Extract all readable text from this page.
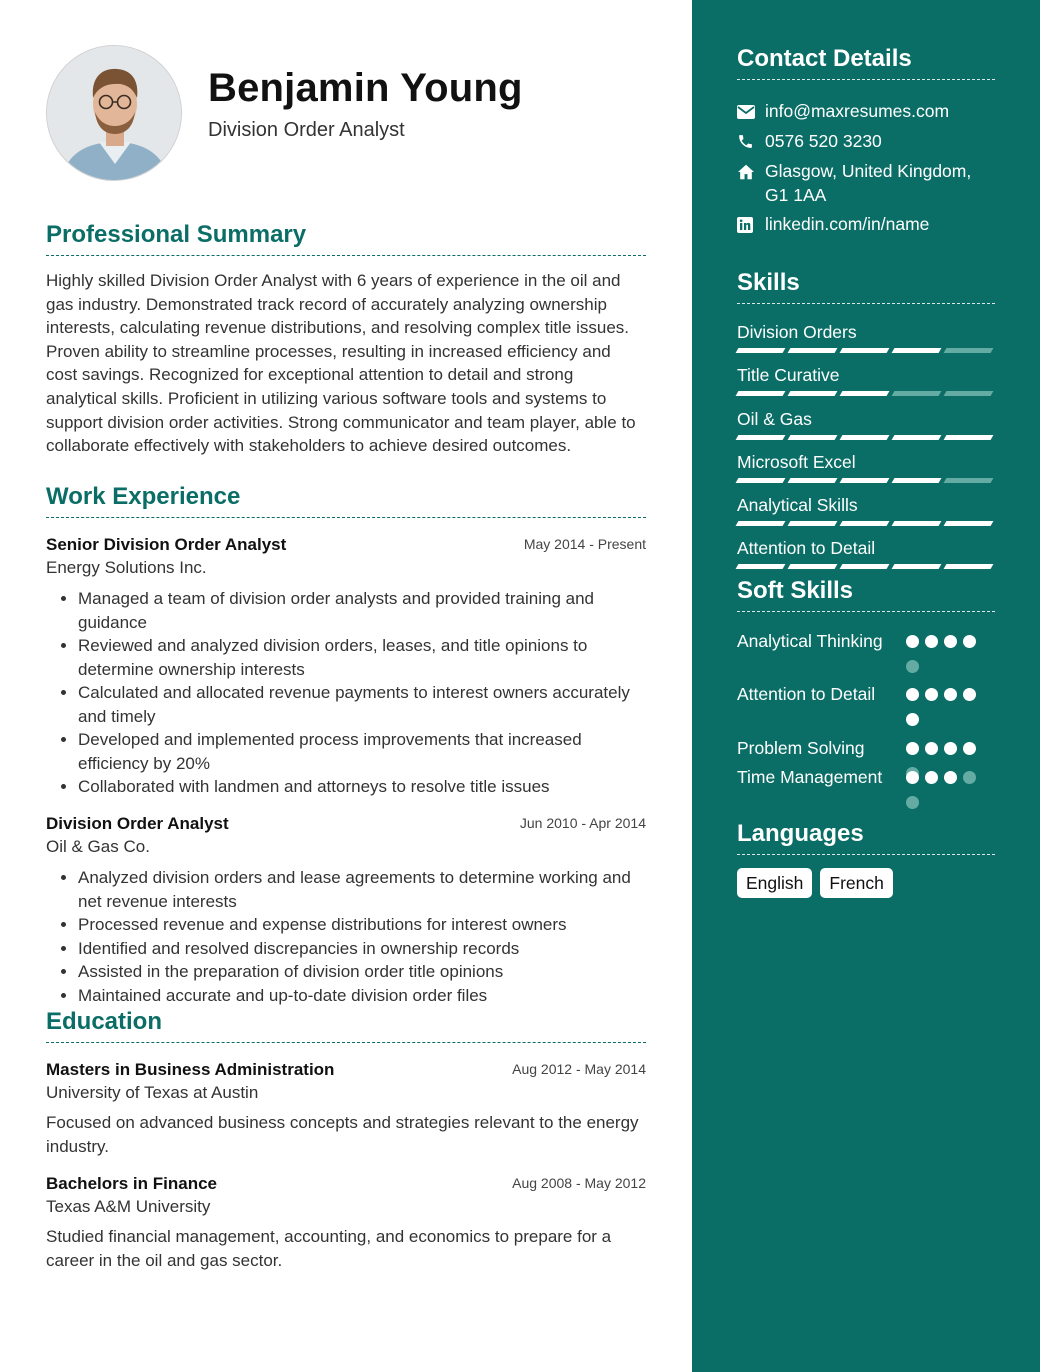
Benjamin Young
Division Order Analyst
Professional Summary
Highly skilled Division Order Analyst with 6 years of experience in the oil and gas industry. Demonstrated track record of accurately analyzing ownership interests, calculating revenue distributions, and resolving complex title issues. Proven ability to streamline processes, resulting in increased efficiency and cost savings. Recognized for exceptional attention to detail and strong analytical skills. Proficient in utilizing various software tools and systems to support division order activities. Strong communicator and team player, able to collaborate effectively with stakeholders to achieve desired outcomes.
Work Experience
Senior Division Order Analyst	May 2014 - Present
Energy Solutions Inc.
• Managed a team of division order analysts and provided training and guidance
• Reviewed and analyzed division orders, leases, and title opinions to determine ownership interests
• Calculated and allocated revenue payments to interest owners accurately and timely
• Developed and implemented process improvements that increased efficiency by 20%
• Collaborated with landmen and attorneys to resolve title issues
Division Order Analyst	Jun 2010 - Apr 2014
Oil & Gas Co.
• Analyzed division orders and lease agreements to determine working and net revenue interests
• Processed revenue and expense distributions for interest owners
• Identified and resolved discrepancies in ownership records
• Assisted in the preparation of division order title opinions
• Maintained accurate and up-to-date division order files
Education
Masters in Business Administration	Aug 2012 - May 2014
University of Texas at Austin
Focused on advanced business concepts and strategies relevant to the energy industry.
Bachelors in Finance	Aug 2008 - May 2012
Texas A&M University
Studied financial management, accounting, and economics to prepare for a career in the oil and gas sector.
Contact Details
info@maxresumes.com
0576 520 3230
Glasgow, United Kingdom, G1 1AA
linkedin.com/in/name
Skills
Division Orders
Title Curative
Oil & Gas
Microsoft Excel
Analytical Skills
Attention to Detail
Soft Skills
Analytical Thinking
Attention to Detail
Problem Solving
Time Management
Languages
English	French
